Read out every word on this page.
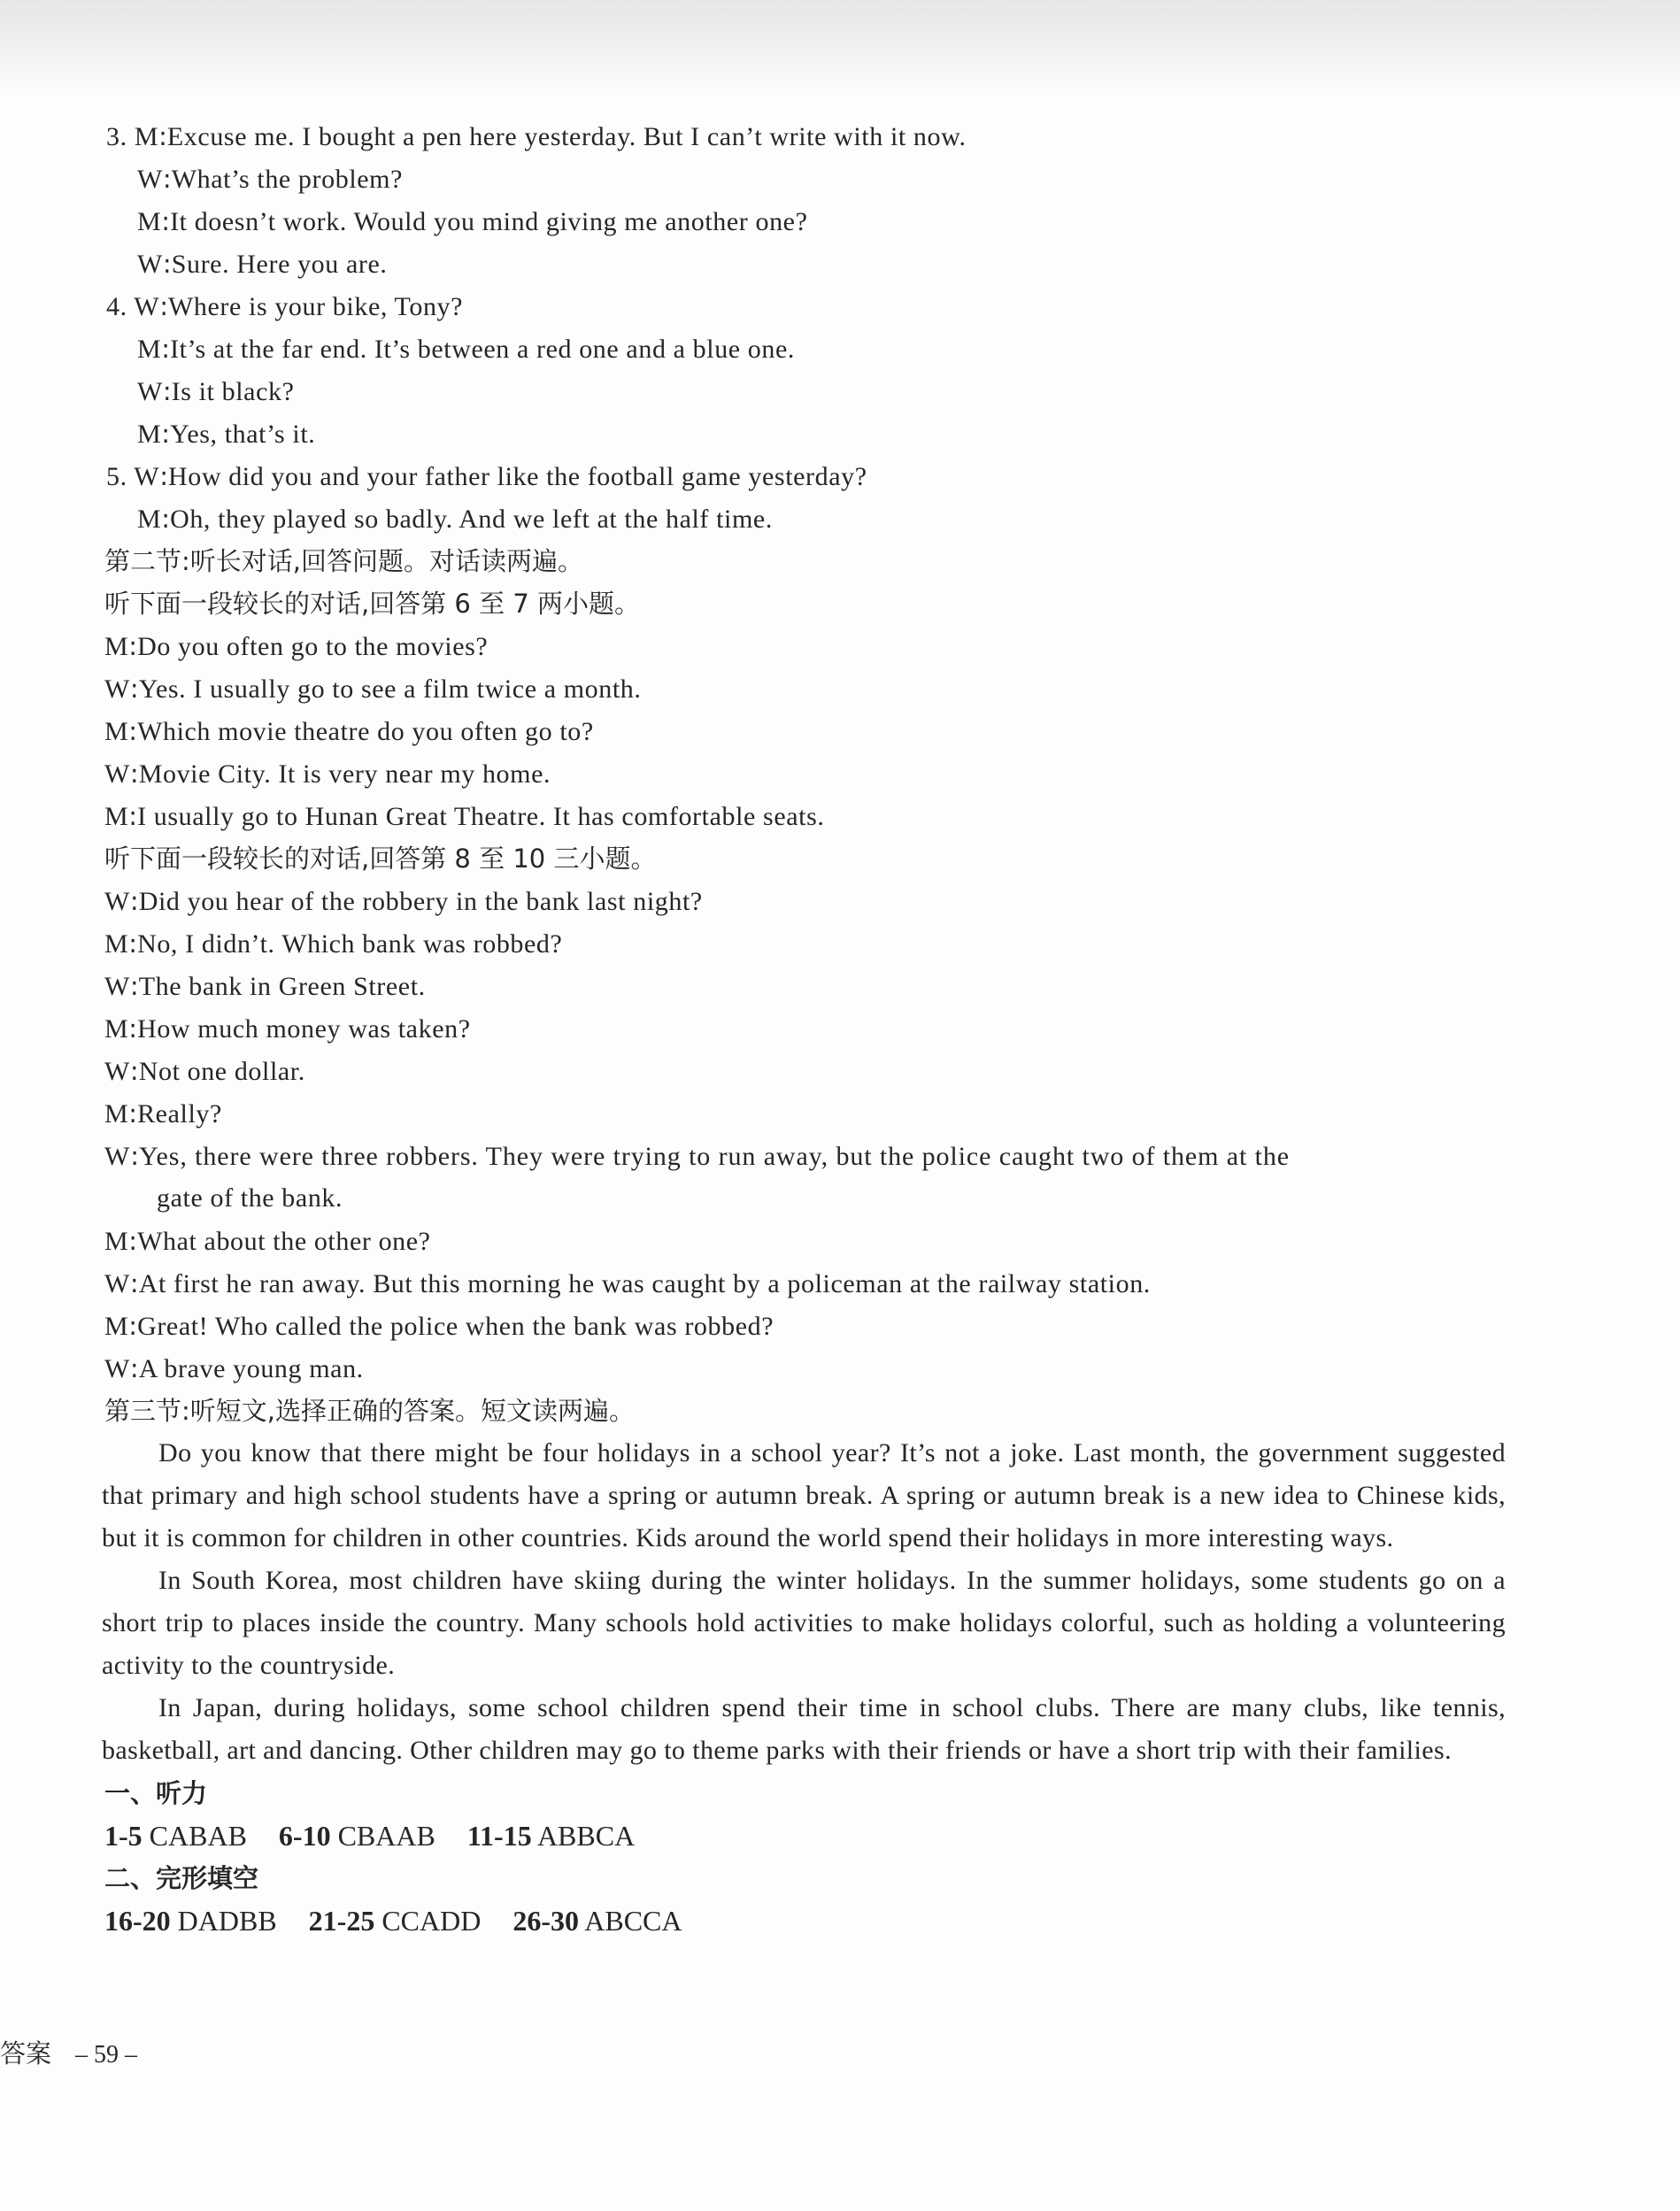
3. M:Excuse me. I bought a pen here yesterday. But I can’t write with it now.
W:What’s the problem?
M:It doesn’t work. Would you mind giving me another one?
W:Sure. Here you are.
4. W:Where is your bike, Tony?
M:It’s at the far end. It’s between a red one and a blue one.
W:Is it black?
M:Yes, that’s it.
5. W:How did you and your father like the football game yesterday?
M:Oh, they played so badly. And we left at the half time.
第二节:听长对话,回答问题。对话读两遍。
听下面一段较长的对话,回答第 6 至 7 两小题。
M:Do you often go to the movies?
W:Yes. I usually go to see a film twice a month.
M:Which movie theatre do you often go to?
W:Movie City. It is very near my home.
M:I usually go to Hunan Great Theatre. It has comfortable seats.
听下面一段较长的对话,回答第 8 至 10 三小题。
W:Did you hear of the robbery in the bank last night?
M:No, I didn’t. Which bank was robbed?
W:The bank in Green Street.
M:How much money was taken?
W:Not one dollar.
M:Really?
W:Yes, there were three robbers. They were trying to run away, but the police caught two of them at the
gate of the bank.
M:What about the other one?
W:At first he ran away. But this morning he was caught by a policeman at the railway station.
M:Great! Who called the police when the bank was robbed?
W:A brave young man.
第三节:听短文,选择正确的答案。短文读两遍。
Do you know that there might be four holidays in a school year? It’s not a joke. Last month, the government suggested that primary and high school students have a spring or autumn break. A spring or autumn break is a new idea to Chinese kids, but it is common for children in other countries. Kids around the world spend their holidays in more interesting ways.
In South Korea, most children have skiing during the winter holidays. In the summer holidays, some students go on a short trip to places inside the country. Many schools hold activities to make holidays colorful, such as holding a volunteering activity to the countryside.
In Japan, during holidays, some school children spend their time in school clubs. There are many clubs, like tennis, basketball, art and dancing. Other children may go to theme parks with their friends or have a short trip with their families.
一、听力
1-5 CABAB 6-10 CBAAB 11-15 ABBCA
二、完形填空
16-20 DADBB 21-25 CCADD 26-30 ABCCA
答案 – 59 –
